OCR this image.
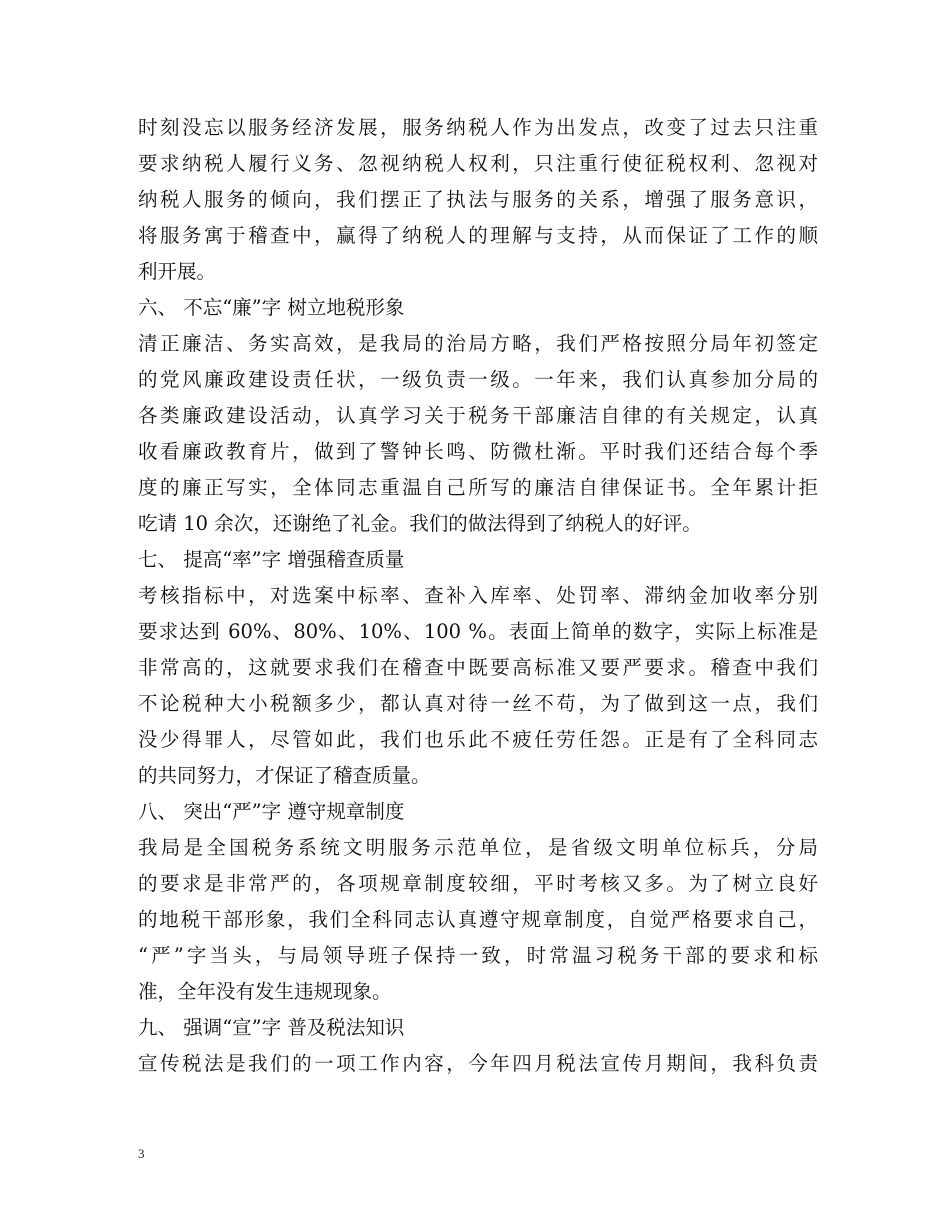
时刻没忘以服务经济发展，服务纳税人作为出发点，改变了过去只注重
要求纳税人履行义务、忽视纳税人权利，只注重行使征税权利、忽视对
纳税人服务的倾向，我们摆正了执法与服务的关系，增强了服务意识，
将服务寓于稽查中，赢得了纳税人的理解与支持，从而保证了工作的顺
利开展。
六、 不忘“廉”字 树立地税形象
清正廉洁、务实高效，是我局的治局方略，我们严格按照分局年初签定
的党风廉政建设责任状，一级负责一级。一年来，我们认真参加分局的
各类廉政建设活动，认真学习关于税务干部廉洁自律的有关规定，认真
收看廉政教育片，做到了警钟长鸣、防微杜渐。平时我们还结合每个季
度的廉正写实，全体同志重温自己所写的廉洁自律保证书。全年累计拒
吃请 10 余次，还谢绝了礼金。我们的做法得到了纳税人的好评。
七、 提高“率”字 增强稽查质量
考核指标中，对选案中标率、查补入库率、处罚率、滞纳金加收率分别
要求达到 60%、80%、10%、100 %。表面上简单的数字，实际上标准是
非常高的，这就要求我们在稽查中既要高标准又要严要求。稽查中我们
不论税种大小税额多少，都认真对待一丝不苟，为了做到这一点，我们
没少得罪人，尽管如此，我们也乐此不疲任劳任怨。正是有了全科同志
的共同努力，才保证了稽查质量。
八、 突出“严”字 遵守规章制度
我局是全国税务系统文明服务示范单位，是省级文明单位标兵，分局
的要求是非常严的，各项规章制度较细，平时考核又多。为了树立良好
的地税干部形象，我们全科同志认真遵守规章制度，自觉严格要求自己，
“严”字当头，与局领导班子保持一致，时常温习税务干部的要求和标
准，全年没有发生违规现象。
九、 强调“宣”字 普及税法知识
宣传税法是我们的一项工作内容，今年四月税法宣传月期间，我科负责
3
